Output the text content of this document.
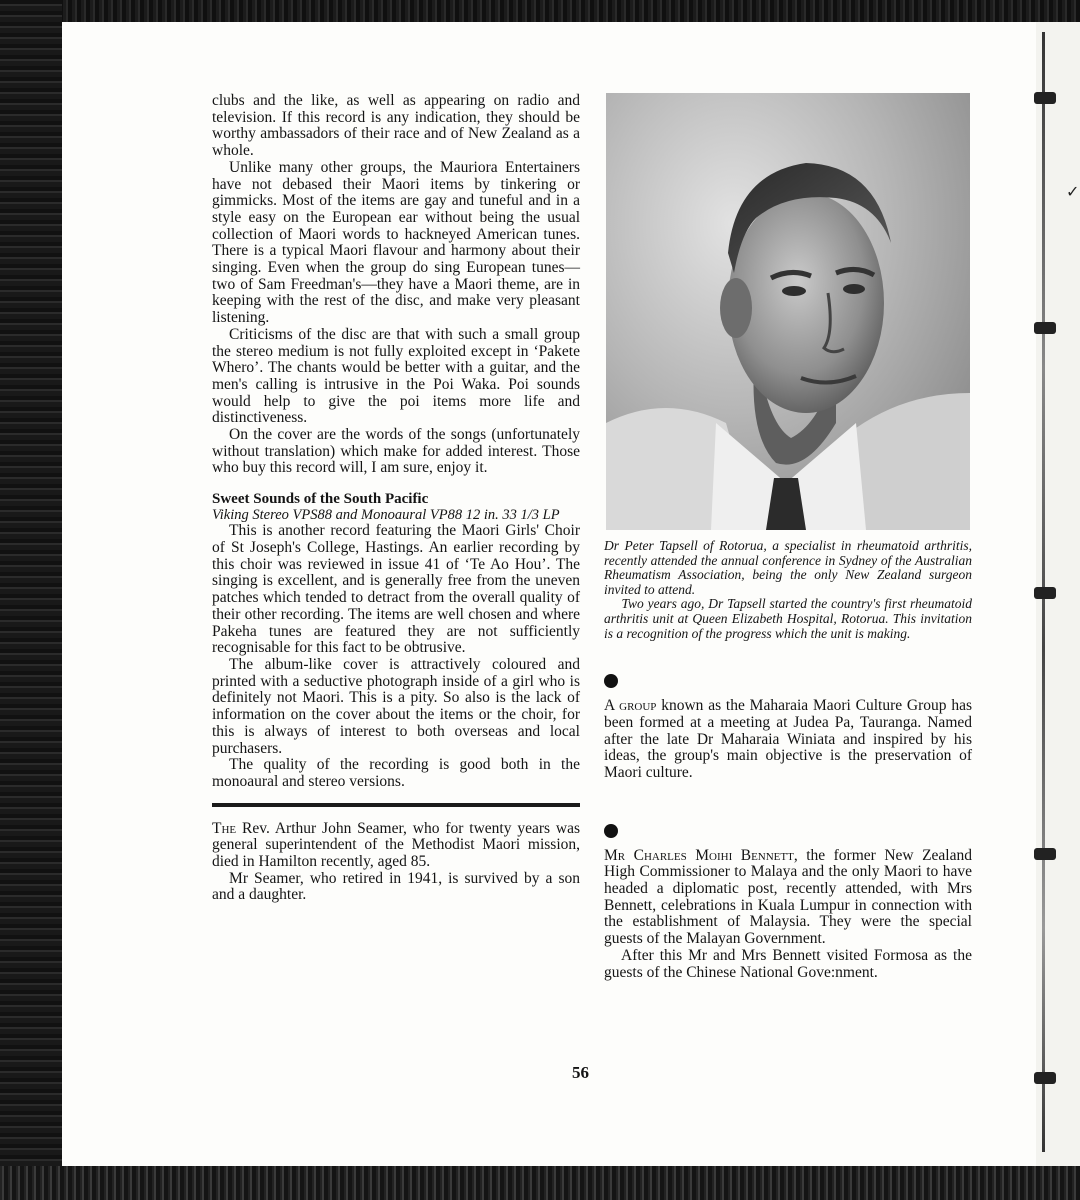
✓

clubs and the like, as well as appearing on radio and television. If this record is any indication, they should be worthy ambassadors of their race and of New Zealand as a whole.

Unlike many other groups, the Mauriora Entertainers have not debased their Maori items by tinkering or gimmicks. Most of the items are gay and tuneful and in a style easy on the European ear without being the usual collection of Maori words to hackneyed American tunes. There is a typical Maori flavour and harmony about their singing. Even when the group do sing European tunes—two of Sam Freedman's—they have a Maori theme, are in keeping with the rest of the disc, and make very pleasant listening.

Criticisms of the disc are that with such a small group the stereo medium is not fully exploited except in ‘Pakete Whero’. The chants would be better with a guitar, and the men's calling is intrusive in the Poi Waka. Poi sounds would help to give the poi items more life and distinctiveness.

On the cover are the words of the songs (unfortunately without translation) which make for added interest. Those who buy this record will, I am sure, enjoy it.

Sweet Sounds of the South Pacific
Viking Stereo VPS88 and Monoaural VP88 12 in. 33 1/3 LP

This is another record featuring the Maori Girls' Choir of St Joseph's College, Hastings. An earlier recording by this choir was reviewed in issue 41 of ‘Te Ao Hou’. The singing is excellent, and is generally free from the uneven patches which tended to detract from the overall quality of their other recording. The items are well chosen and where Pakeha tunes are featured they are not sufficiently recognisable for this fact to be obtrusive.

The album-like cover is attractively coloured and printed with a seductive photograph inside of a girl who is definitely not Maori. This is a pity. So also is the lack of information on the cover about the items or the choir, for this is always of interest to both overseas and local purchasers.

The quality of the recording is good both in the monoaural and stereo versions.

The Rev. Arthur John Seamer, who for twenty years was general superintendent of the Methodist Maori mission, died in Hamilton recently, aged 85.

Mr Seamer, who retired in 1941, is survived by a son and a daughter.

Dr Peter Tapsell of Rotorua, a specialist in rheumatoid arthritis, recently attended the annual conference in Sydney of the Australian Rheumatism Association, being the only New Zealand surgeon invited to attend.

Two years ago, Dr Tapsell started the country's first rheumatoid arthritis unit at Queen Elizabeth Hospital, Rotorua. This invitation is a recognition of the progress which the unit is making.

A group known as the Maharaia Maori Culture Group has been formed at a meeting at Judea Pa, Tauranga. Named after the late Dr Maharaia Winiata and inspired by his ideas, the group's main objective is the preservation of Maori culture.

Mr Charles Moihi Bennett, the former New Zealand High Commissioner to Malaya and the only Maori to have headed a diplomatic post, recently attended, with Mrs Bennett, celebrations in Kuala Lumpur in connection with the establishment of Malaysia. They were the special guests of the Malayan Government.

After this Mr and Mrs Bennett visited Formosa as the guests of the Chinese National Gove:nment.

56
